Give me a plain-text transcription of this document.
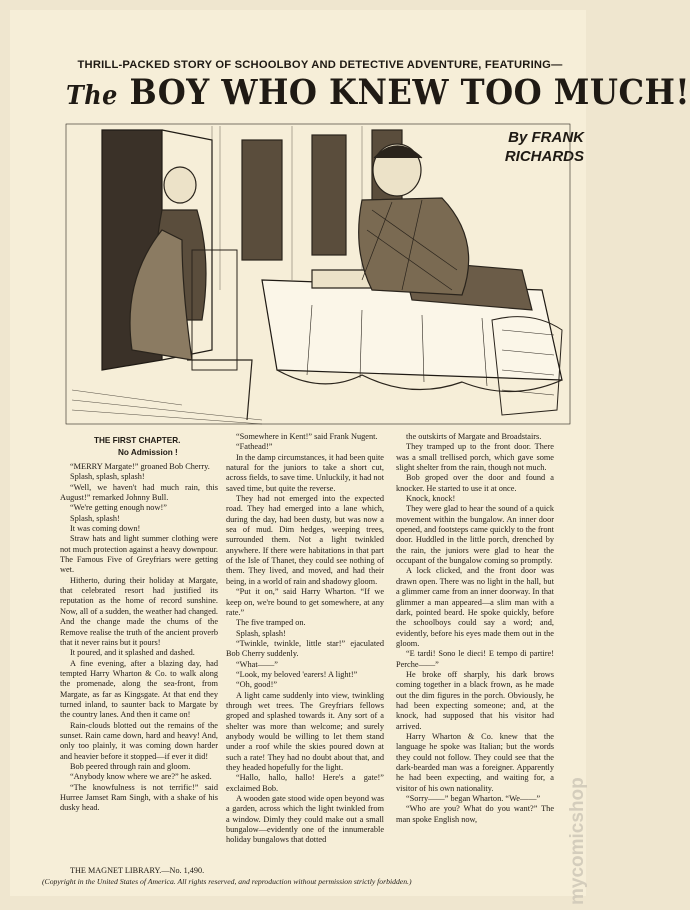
THRILL-PACKED STORY OF SCHOOLBOY AND DETECTIVE ADVENTURE, FEATURING—
The BOY WHO KNEW TOO MUCH!
By FRANK
RICHARDS
THE FIRST CHAPTER.
No Admission !

“MERRY Margate!” groaned Bob Cherry.

Splash, splash, splash!

“Well, we haven't had much rain, this August!” remarked Johnny Bull.

“We're getting enough now!”

Splash, splash!

It was coming down!

Straw hats and light summer clothing were not much protection against a heavy downpour. The Famous Five of Greyfriars were getting wet.

Hitherto, during their holiday at Margate, that celebrated resort had justified its reputation as the home of record sunshine. Now, all of a sudden, the weather had changed. And the change made the chums of the Remove realise the truth of the ancient proverb that it never rains but it pours!

It poured, and it splashed and dashed.

A fine evening, after a blazing day, had tempted Harry Wharton & Co. to walk along the promenade, along the sea-front, from Margate, as far as Kingsgate. At that end they turned inland, to saunter back to Margate by the country lanes. And then it came on!

Rain-clouds blotted out the remains of the sunset. Rain came down, hard and heavy! And, only too plainly, it was coming down harder and heavier before it stopped—if ever it did!

Bob peered through rain and gloom.

“Anybody know where we are?” he asked.

“The knowfulness is not terrific!” said Hurree Jamset Ram Singh, with a shake of his dusky head.

“Somewhere in Kent!” said Frank Nugent.

“Fathead!”

In the damp circumstances, it had been quite natural for the juniors to take a short cut, across fields, to save time. Unluckily, it had not saved time, but quite the reverse.

They had not emerged into the expected road. They had emerged into a lane which, during the day, had been dusty, but was now a sea of mud. Dim hedges, weeping trees, surrounded them. Not a light twinkled anywhere. If there were habitations in that part of the Isle of Thanet, they could see nothing of them. They lived, and moved, and had their being, in a world of rain and shadowy gloom.

“Put it on,” said Harry Wharton. “If we keep on, we're bound to get somewhere, at any rate.”

The five tramped on.

Splash, splash!

“Twinkle, twinkle, little star!” ejaculated Bob Cherry suddenly.

“What——”

“Look, my beloved 'earers! A light!”

“Oh, good!”

A light came suddenly into view, twinkling through wet trees. The Greyfriars fellows groped and splashed towards it. Any sort of a shelter was more than welcome; and surely anybody would be willing to let them stand under a roof while the skies poured down at such a rate! They had no doubt about that, and they headed hopefully for the light.

“Hallo, hallo, hallo! Here's a gate!” exclaimed Bob.

A wooden gate stood wide open beyond was a garden, across which the light twinkled from a window. Dimly they could make out a small bungalow—evidently one of the innumerable holiday bungalows that dotted

the outskirts of Margate and Broadstairs.

They tramped up to the front door. There was a small trellised porch, which gave some slight shelter from the rain, though not much.

Bob groped over the door and found a knocker. He started to use it at once.

Knock, knock!

They were glad to hear the sound of a quick movement within the bungalow. An inner door opened, and footsteps came quickly to the front door. Huddled in the little porch, drenched by the rain, the juniors were glad to hear the occupant of the bungalow coming so promptly.

A lock clicked, and the front door was drawn open. There was no light in the hall, but a glimmer came from an inner doorway. In that glimmer a man appeared—a slim man with a dark, pointed beard. He spoke quickly, before the schoolboys could say a word; and, evidently, before his eyes made them out in the gloom.

“E tardi! Sono le dieci! E tempo di partire! Perche——”

He broke off sharply, his dark brows coming together in a black frown, as he made out the dim figures in the porch. Obviously, he had been expecting someone; and, at the knock, had supposed that his visitor had arrived.

Harry Wharton & Co. knew that the language he spoke was Italian; but the words they could not follow. They could see that the dark-bearded man was a foreigner. Apparently he had been expecting, and waiting for, a visitor of his own nationality.

“Sorry——” began Wharton. “We——”

“Who are you? What do you want?” The man spoke English now,

THE MAGNET LIBRARY.—No. 1,490.
(Copyright in the United States of America. All rights reserved, and reproduction without permission strictly forbidden.)	mycomicshop
